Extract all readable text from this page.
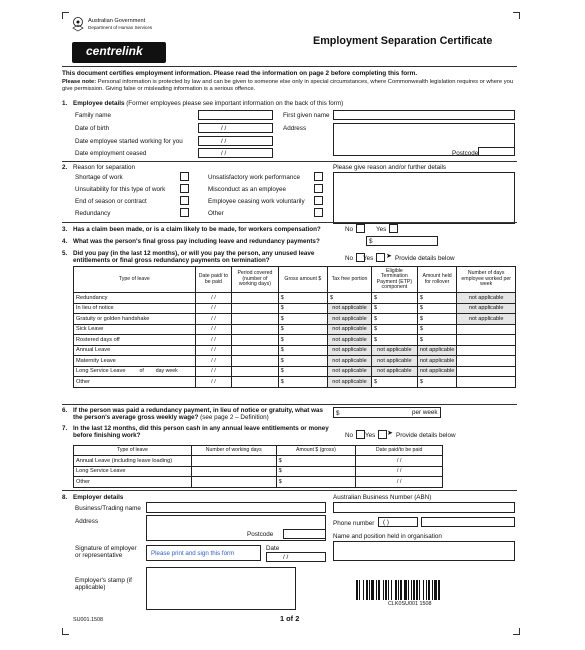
Australian Government
Department of Human Services
centrelink
Employment Separation Certificate
This document certifies employment information. Please read the information on page 2 before completing this form.
Please note: Personal information is protected by law and can be given to someone else only in special circumstances, where Commonwealth legislation requires or where you give permission. Giving false or misleading information is a serious offence.
1. Employee details (Former employees please see important information on the back of this form)
Family name	First given name
Date of birth	/ /	Address
Date employee started working for you	/ /
Date employment ceased	/ /	Postcode
2. Reason for separation	Please give reason and/or further details
Shortage of work
Unsuitability for this type of work
End of season or contract
Redundancy
Unsatisfactory work performance
Misconduct as an employee
Employee ceasing work voluntarily
Other
3. Has a claim been made, or is a claim likely to be made, for workers compensation?	No	Yes
4. What was the person's final gross pay including leave and redundancy payments?	$
5. Did you pay (in the last 12 months), or will you pay the person, any unused leave entitlements or final gross redundancy payments on termination?	No Yes ➤ Provide details below
Type of leave	Date paid/ to be paid	Period covered (number of working days)	Gross amount $	Tax free portion	Eligible Termination Payment (ETP) component	Amount held for rollover	Number of days employee worked per week
Redundancy	/ /		$	$	$	$	not applicable
In lieu of notice	/ /		$	not applicable	$	$	not applicable
Gratuity or golden handshake	/ /		$	not applicable	$	$	not applicable
Sick Leave	/ /		$	not applicable	$	$	
Rostered days off	/ /		$	not applicable	$	$	
Annual Leave	/ /		$	not applicable	not applicable	not applicable	
Maternity Leave	/ /		$	not applicable	not applicable	not applicable	
Long Service Leave of day week	/ /		$	not applicable	not applicable	not applicable	
Other	/ /		$	not applicable	$	$	
6. If the person was paid a redundancy payment, in lieu of notice or gratuity, what was the person's average gross weekly wage? (see page 2 – Definition)
$	per week
7. In the last 12 months, did this person cash in any annual leave entitlements or money before finishing work?	No Yes ➤ Provide details below
Type of leave	Number of working days	Amount $ (gross)	Date paid/to be paid
Annual Leave (including leave loading)		$	/ /
Long Service Leave		$	/ /
Other		$	/ /
8. Employer details
Business/Trading name
Address
Postcode
Signature of employer or representative	Please print and sign this form
Date
/ /
Employer's stamp (if applicable)
Australian Business Number (ABN)
Phone number ( )
Name and position held in organisation
CLK0SU001 1508
SU001.1508	1 of 2
